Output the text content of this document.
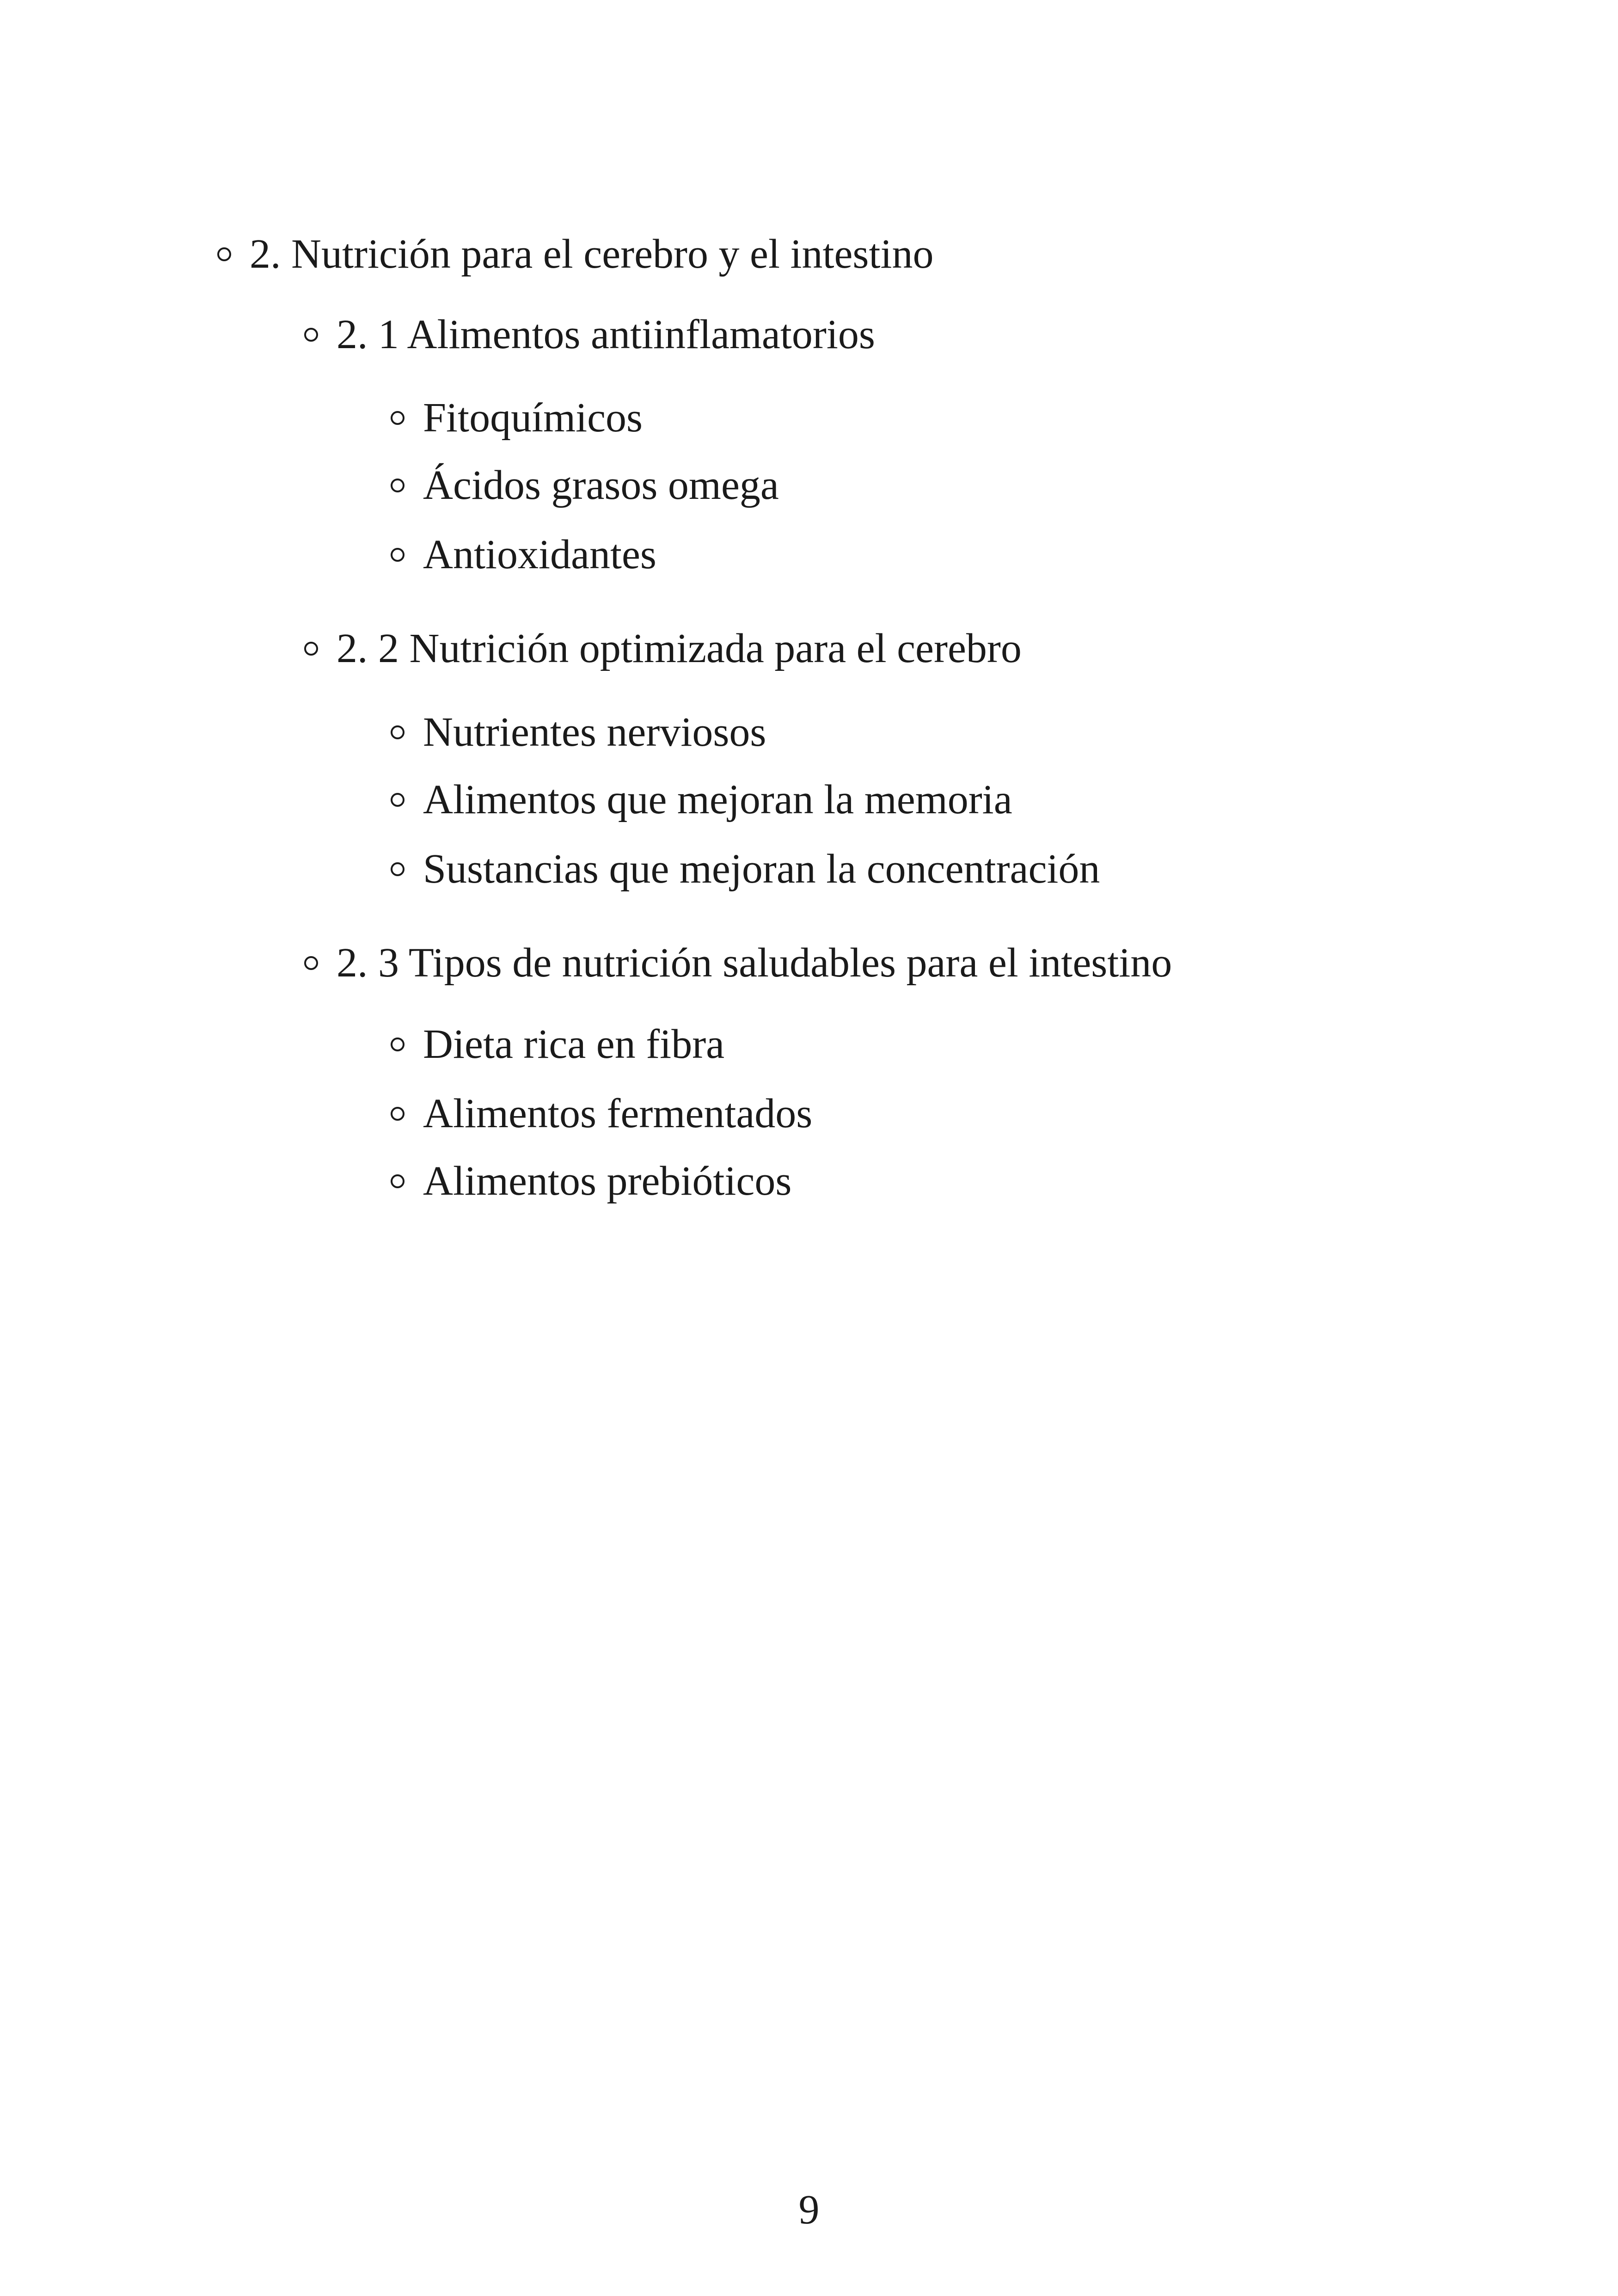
2. Nutrición para el cerebro y el intestino
2. 1 Alimentos antiinflamatorios
Fitoquímicos
Ácidos grasos omega
Antioxidantes
2. 2 Nutrición optimizada para el cerebro
Nutrientes nerviosos
Alimentos que mejoran la memoria
Sustancias que mejoran la concentración
2. 3 Tipos de nutrición saludables para el intestino
Dieta rica en fibra
Alimentos fermentados
Alimentos prebióticos
9
